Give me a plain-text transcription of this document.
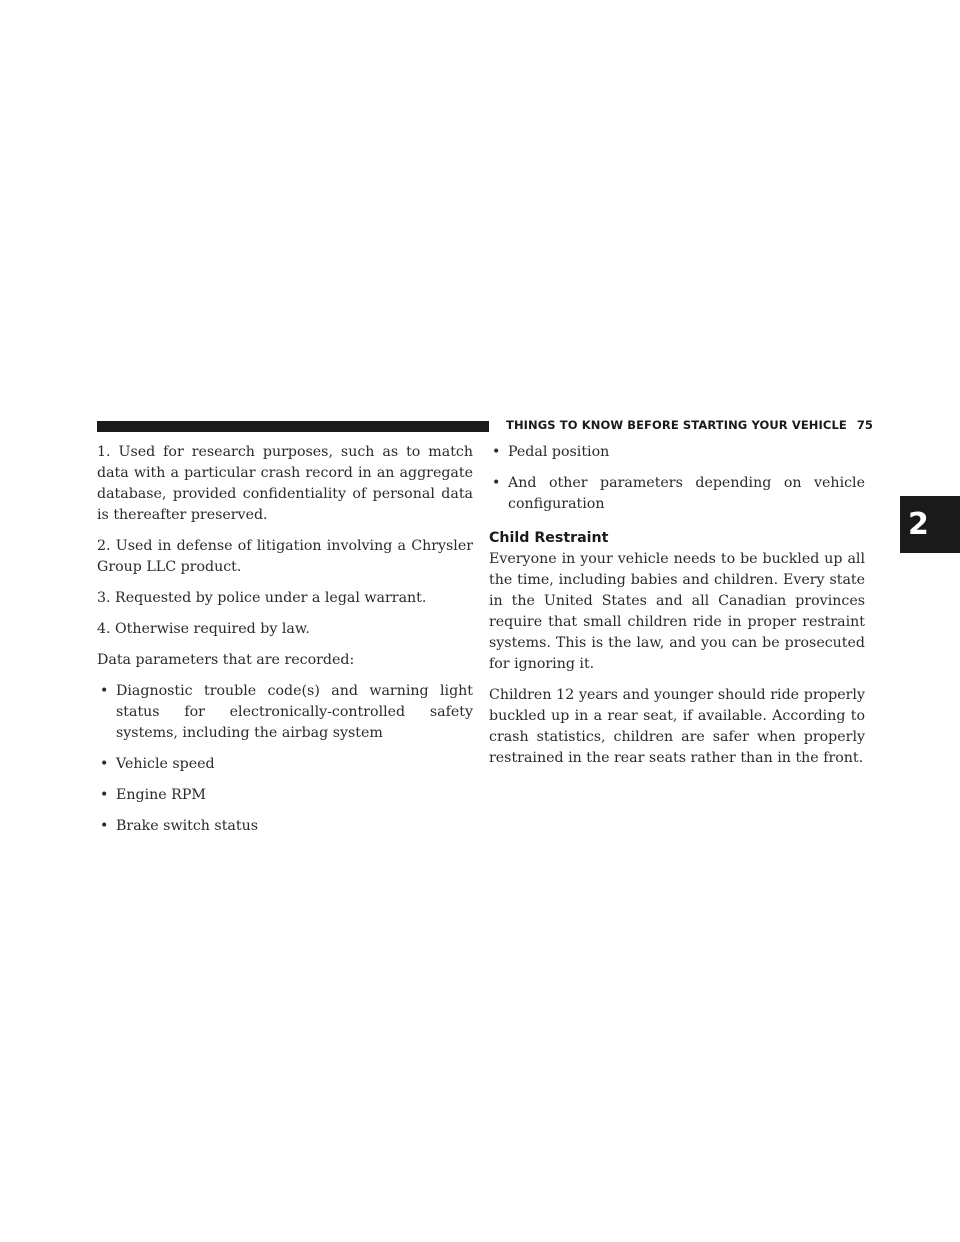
THINGS TO KNOW BEFORE STARTING YOUR VEHICLE 75
2

1. Used for research purposes, such as to match data with a particular crash record in an aggregate database, provided confidentiality of personal data is thereafter preserved.

2. Used in defense of litigation involving a Chrysler Group LLC product.

3. Requested by police under a legal warrant.

4. Otherwise required by law.

Data parameters that are recorded:

• Diagnostic trouble code(s) and warning light status for electronically-controlled safety systems, including the airbag system
• Vehicle speed
• Engine RPM
• Brake switch status
• Pedal position
• And other parameters depending on vehicle configuration
Child Restraint

Everyone in your vehicle needs to be buckled up all the time, including babies and children. Every state in the United States and all Canadian provinces require that small children ride in proper restraint systems. This is the law, and you can be prosecuted for ignoring it.

Children 12 years and younger should ride properly buckled up in a rear seat, if available. According to crash statistics, children are safer when properly restrained in the rear seats rather than in the front.
